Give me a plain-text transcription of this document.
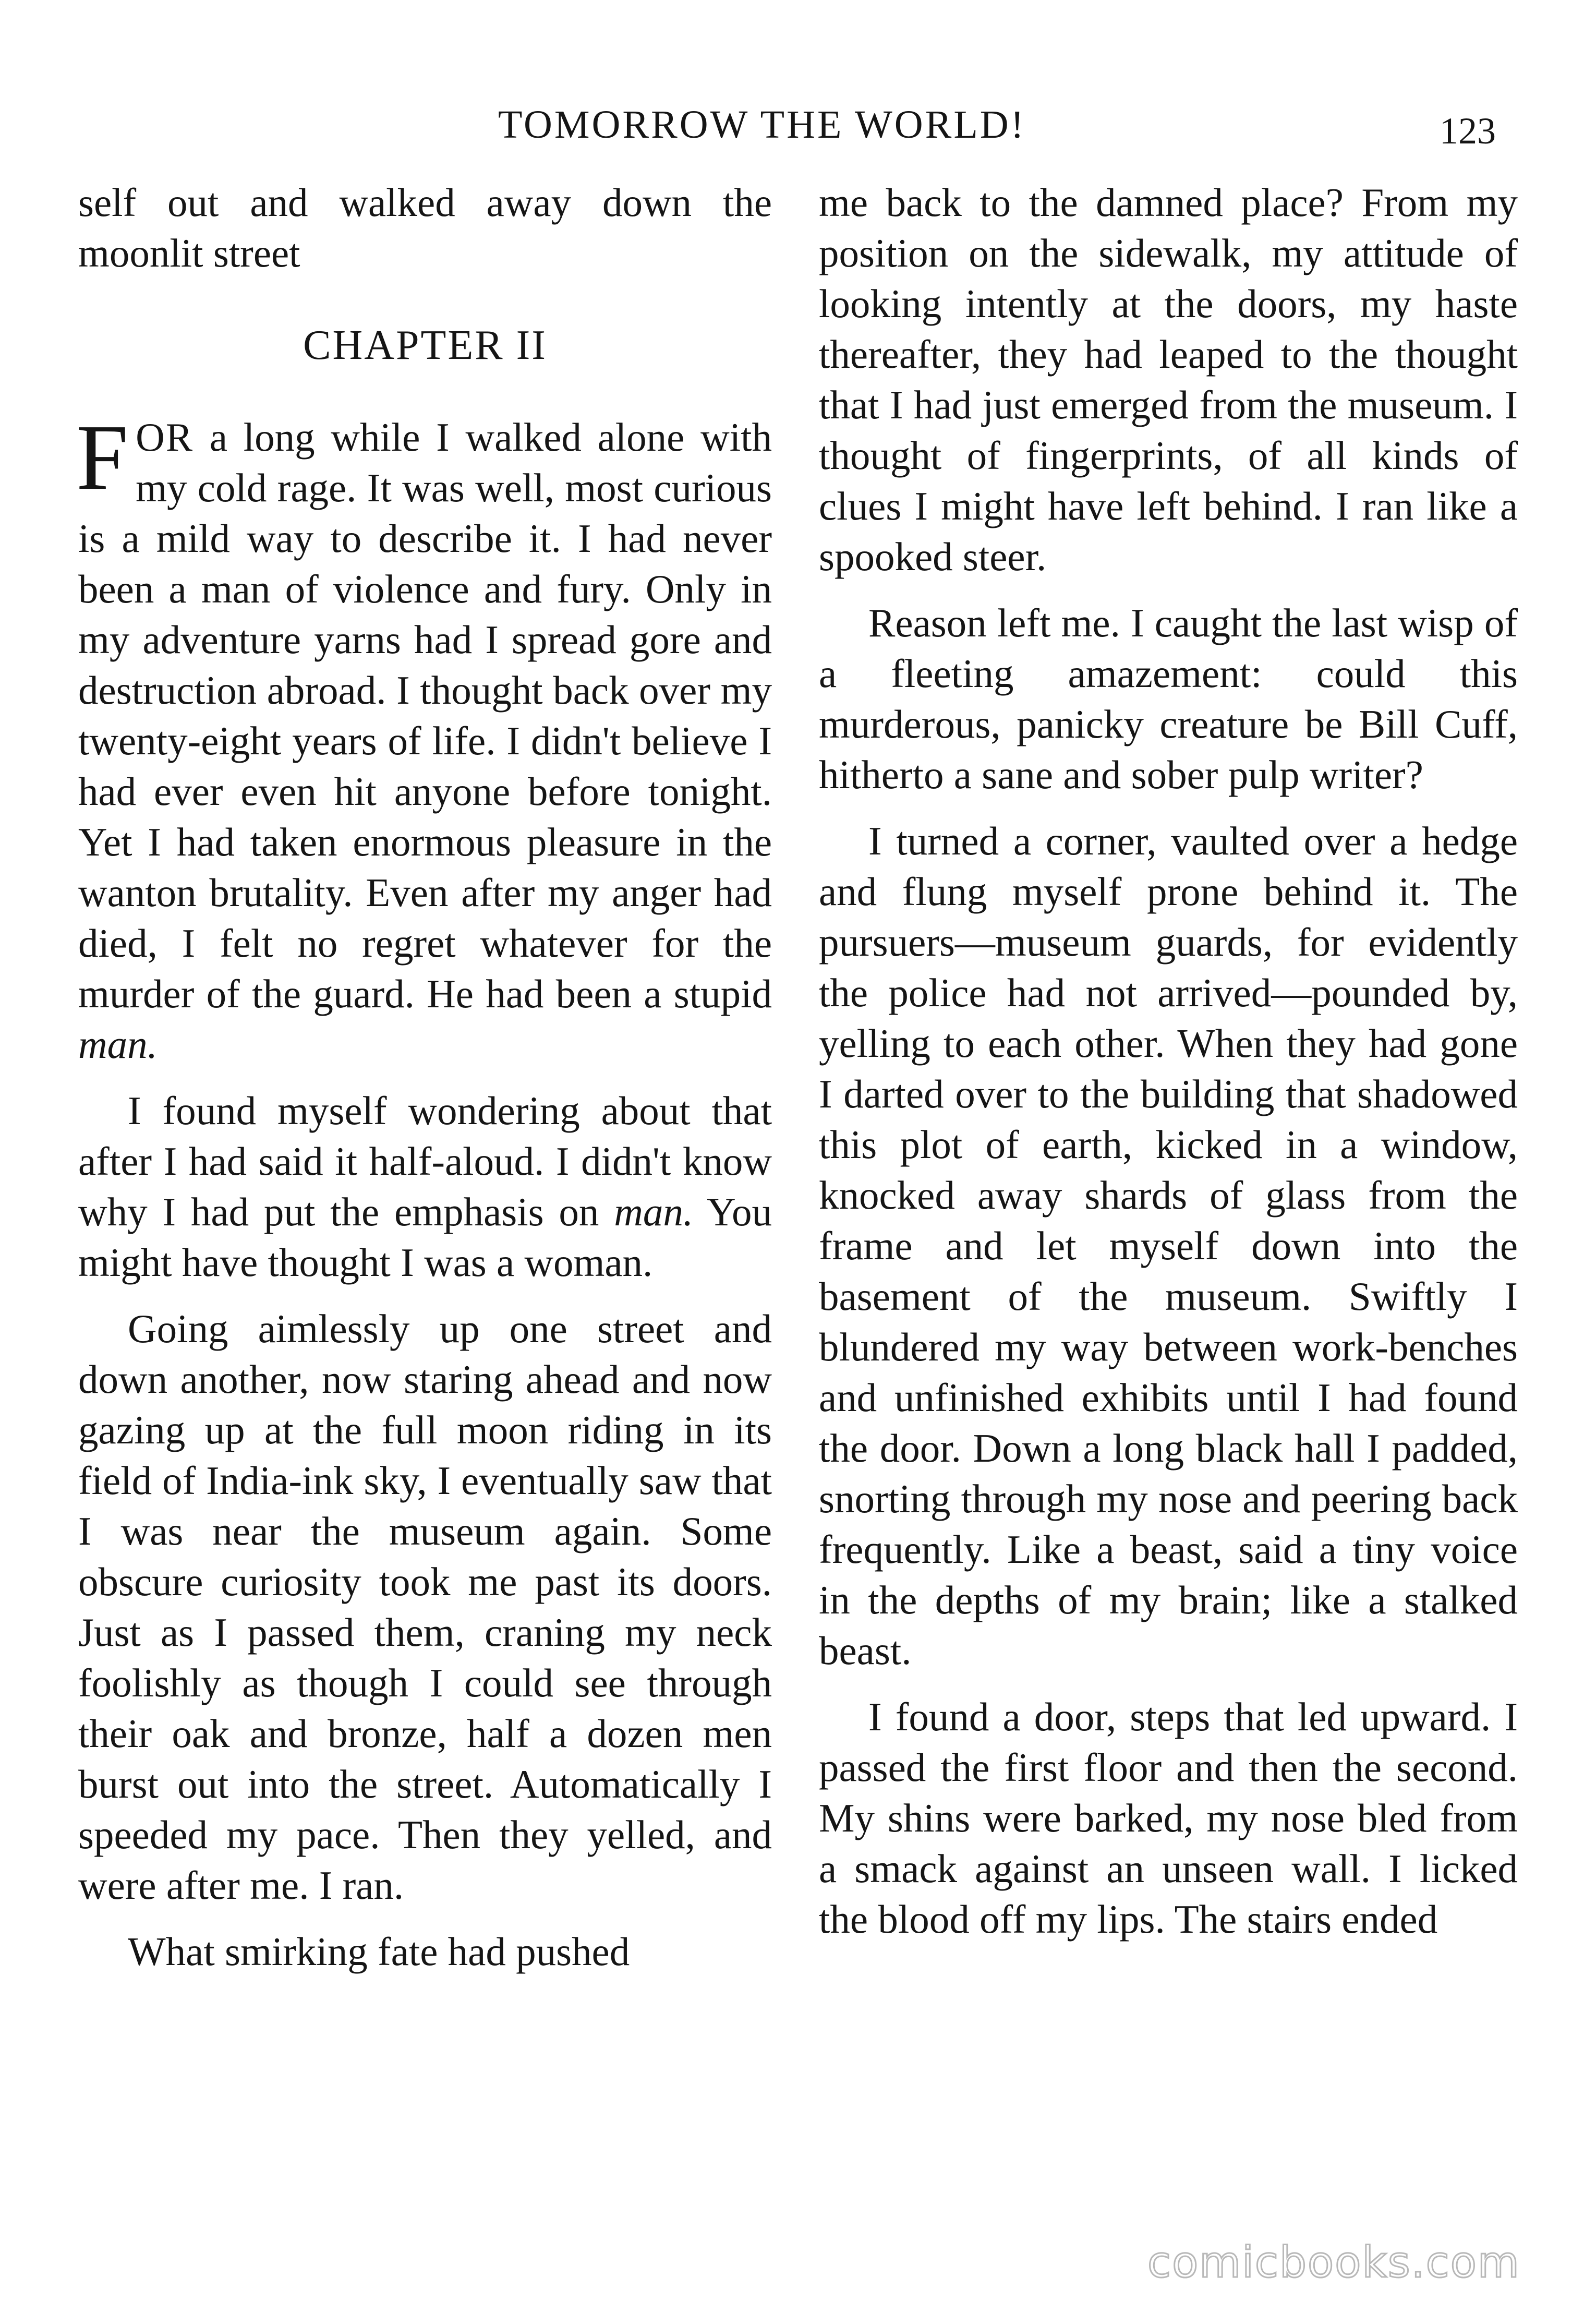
TOMORROW THE WORLD!	123

self out and walked away down the moonlit street

CHAPTER II

FOR a long while I walked alone with my cold rage. It was well, most curious is a mild way to describe it. I had never been a man of violence and fury. Only in my adventure yarns had I spread gore and destruction abroad. I thought back over my twenty-eight years of life. I didn't believe I had ever even hit anyone before tonight. Yet I had taken enormous pleasure in the wanton brutality. Even after my anger had died, I felt no regret whatever for the murder of the guard. He had been a stupid man.

I found myself wondering about that after I had said it half-aloud. I didn't know why I had put the emphasis on man. You might have thought I was a woman.

Going aimlessly up one street and down another, now staring ahead and now gazing up at the full moon riding in its field of India-ink sky, I eventually saw that I was near the museum again. Some obscure curiosity took me past its doors. Just as I passed them, craning my neck foolishly as though I could see through their oak and bronze, half a dozen men burst out into the street. Automatically I speeded my pace. Then they yelled, and were after me. I ran.

What smirking fate had pushed

me back to the damned place? From my position on the sidewalk, my attitude of looking intently at the doors, my haste thereafter, they had leaped to the thought that I had just emerged from the museum. I thought of fingerprints, of all kinds of clues I might have left behind. I ran like a spooked steer.

Reason left me. I caught the last wisp of a fleeting amazement: could this murderous, panicky creature be Bill Cuff, hitherto a sane and sober pulp writer?

I turned a corner, vaulted over a hedge and flung myself prone behind it. The pursuers—museum guards, for evidently the police had not arrived—pounded by, yelling to each other. When they had gone I darted over to the building that shadowed this plot of earth, kicked in a window, knocked away shards of glass from the frame and let myself down into the basement of the museum. Swiftly I blundered my way between work-benches and unfinished exhibits until I had found the door. Down a long black hall I padded, snorting through my nose and peering back frequently. Like a beast, said a tiny voice in the depths of my brain; like a stalked beast.

I found a door, steps that led upward. I passed the first floor and then the second. My shins were barked, my nose bled from a smack against an unseen wall. I licked the blood off my lips. The stairs ended

comicbooks.com
